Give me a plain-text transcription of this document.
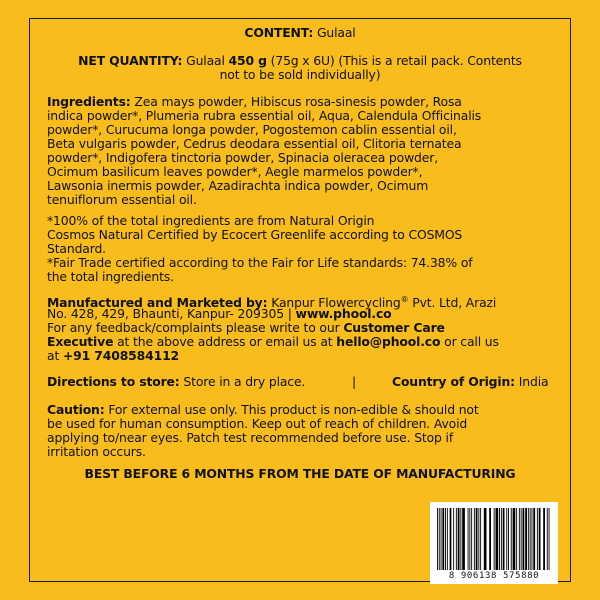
CONTENT: Gulaal
NET QUANTITY: Gulaal 450 g (75g x 6U) (This is a retail pack. Contents
not to be sold individually)
Ingredients: Zea mays powder, Hibiscus rosa-sinesis powder, Rosa
indica powder*, Plumeria rubra essential oil, Aqua, Calendula Officinalis
powder*, Curucuma longa powder, Pogostemon cablin essential oil,
Beta vulgaris powder, Cedrus deodara essential oil, Clitoria ternatea
powder*, Indigofera tinctoria powder, Spinacia oleracea powder,
Ocimum basilicum leaves powder*, Aegle marmelos powder*,
Lawsonia inermis powder, Azadirachta indica powder, Ocimum
tenuiflorum essential oil.
*100% of the total ingredients are from Natural Origin
Cosmos Natural Certified by Ecocert Greenlife according to COSMOS
Standard.
*Fair Trade certified according to the Fair for Life standards: 74.38% of
the total ingredients.
Manufactured and Marketed by: Kanpur Flowercycling® Pvt. Ltd, Arazi
No. 428, 429, Bhaunti, Kanpur- 209305 | www.phool.co
For any feedback/complaints please write to our Customer Care
Executive at the above address or email us at hello@phool.co or call us
at +91 7408584112
Directions to store: Store in a dry place.	|	Country of Origin: India
Caution: For external use only. This product is non-edible & should not
be used for human consumption. Keep out of reach of children. Avoid
applying to/near eyes. Patch test recommended before use. Stop if
irritation occurs.
BEST BEFORE 6 MONTHS FROM THE DATE OF MANUFACTURING
8 906138 575880
